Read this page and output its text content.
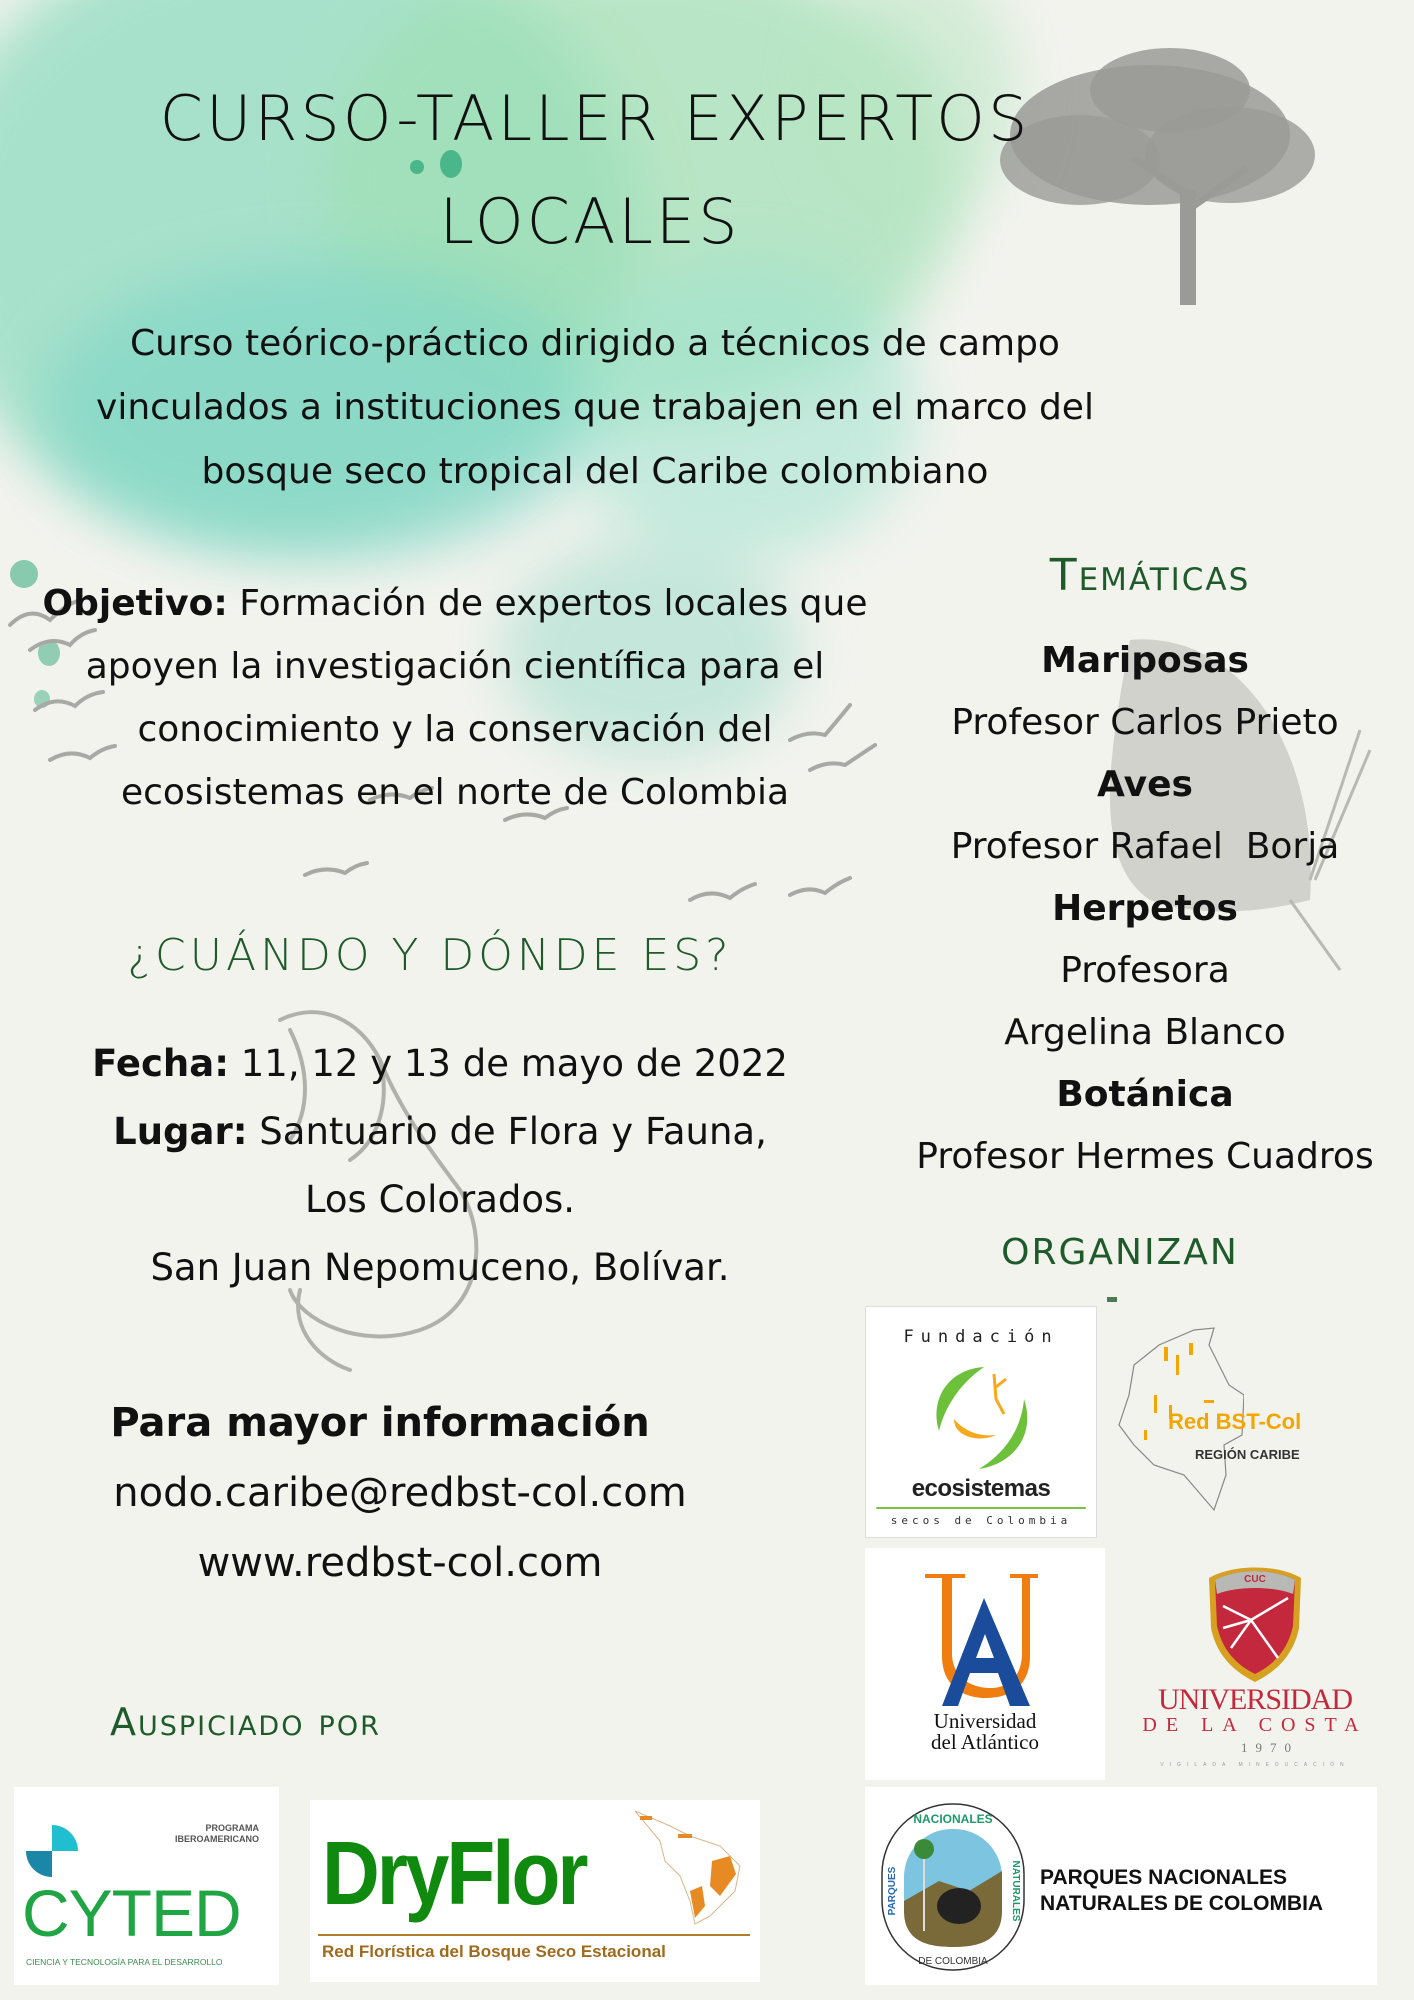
CURSO-TALLER EXPERTOS
LOCALES
Curso teórico-práctico dirigido a técnicos de campo vinculados a instituciones que trabajen en el marco del bosque seco tropical del Caribe colombiano
Objetivo: Formación de expertos locales que apoyen la investigación científica para el conocimiento y la conservación del ecosistemas en el norte de Colombia
Temáticas
Mariposas
Profesor Carlos Prieto
Aves
Profesor Rafael  Borja
Herpetos
Profesora Argelina Blanco
Botánica
Profesor Hermes Cuadros
¿CUÁNDO Y DÓNDE ES?
Fecha: 11, 12 y 13 de mayo de 2022
Lugar: Santuario de Flora y Fauna,
Los Colorados.
San Juan Nepomuceno, Bolívar.
Para mayor información
nodo.caribe@redbst-col.com
www.redbst-col.com
ORGANIZAN
Fundación
ecosistemas
secos de Colombia
Red BST-Col
REGIÓN CARIBE
Universidad
del Atlántico
CUC
UNIVERSIDAD
DE LA COSTA
1970
VIGILADA MINEDUCACIÓN
NACIONALES
DE COLOMBIA
PARQUES	NATURALES PARQUES NACIONALES
NATURALES DE COLOMBIA
Auspiciado por
PROGRAMA
IBEROAMERICANO
CYTED
CIENCIA Y TECNOLOGÍA PARA EL DESARROLLO
DryFlor
Red Florística del Bosque Seco Estacional
